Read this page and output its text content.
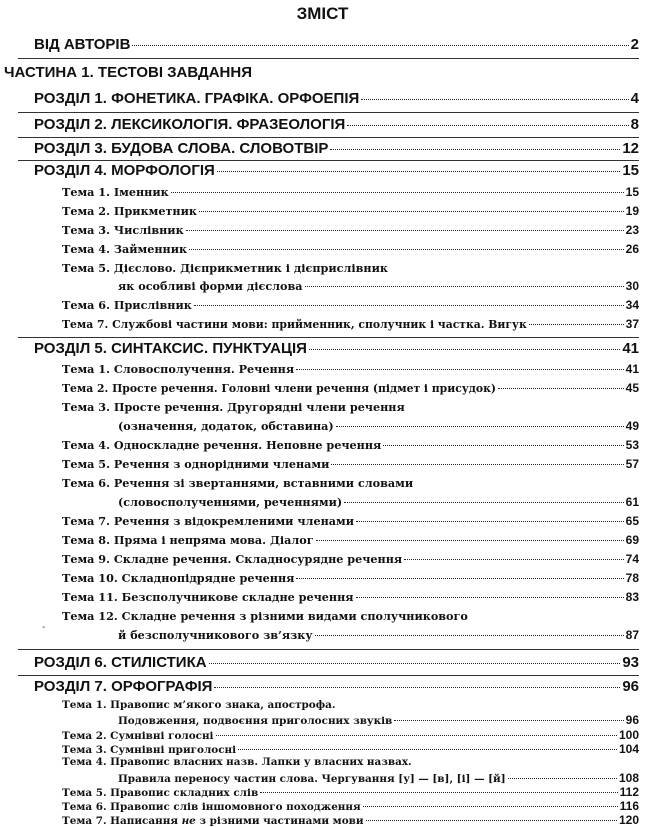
ЗМІСТ
ВІД АВТОРІВ	2
ЧАСТИНА 1. ТЕСТОВІ ЗАВДАННЯ
РОЗДІЛ 1. ФОНЕТИКА. ГРАФІКА. ОРФОЕПІЯ	4
РОЗДІЛ 2. ЛЕКСИКОЛОГІЯ. ФРАЗЕОЛОГІЯ	8
РОЗДІЛ 3. БУДОВА СЛОВА. СЛОВОТВІР	12
РОЗДІЛ 4. МОРФОЛОГІЯ	15
Тема 1. Іменник	15
Тема 2. Прикметник	19
Тема 3. Числівник	23
Тема 4. Займенник	26
Тема 5. Дієслово. Дієприкметник і дієприслівник
як особливі форми дієслова	30
Тема 6. Прислівник	34
Тема 7. Службові частини мови: прийменник, сполучник і частка. Вигук	37
РОЗДІЛ 5. СИНТАКСИС. ПУНКТУАЦІЯ	41
Тема 1. Словосполучення. Речення	41
Тема 2. Просте речення. Головні члени речення (підмет і присудок)	45
Тема 3. Просте речення. Другорядні члени речення
(означення, додаток, обставина)	49
Тема 4. Односкладне речення. Неповне речення	53
Тема 5. Речення з однорідними членами	57
Тема 6. Речення зі звертаннями, вставними словами
(словосполученнями, реченнями)	61
Тема 7. Речення з відокремленими членами	65
Тема 8. Пряма і непряма мова. Діалог	69
Тема 9. Складне речення. Складносурядне речення	74
Тема 10. Складнопідрядне речення	78
Тема 11. Безсполучникове складне речення	83
Тема 12. Складне речення з різними видами сполучникового
-
й безсполучникового зв’язку	87
РОЗДІЛ 6. СТИЛІСТИКА	93
РОЗДІЛ 7. ОРФОГРАФІЯ	96
Тема 1. Правопис м’якого знака, апострофа.
Подовження, подвоєння приголосних звуків	96
Тема 2. Сумнівні голосні	100
Тема 3. Сумнівні приголосні	104
Тема 4. Правопис власних назв. Лапки у власних назвах.
Правила переносу частин слова. Чергування [у] — [в], [і] — [й]	108
Тема 5. Правопис складних слів	112
Тема 6. Правопис слів іншомовного походження	116
Тема 7. Написання не з різними частинами мови	120
